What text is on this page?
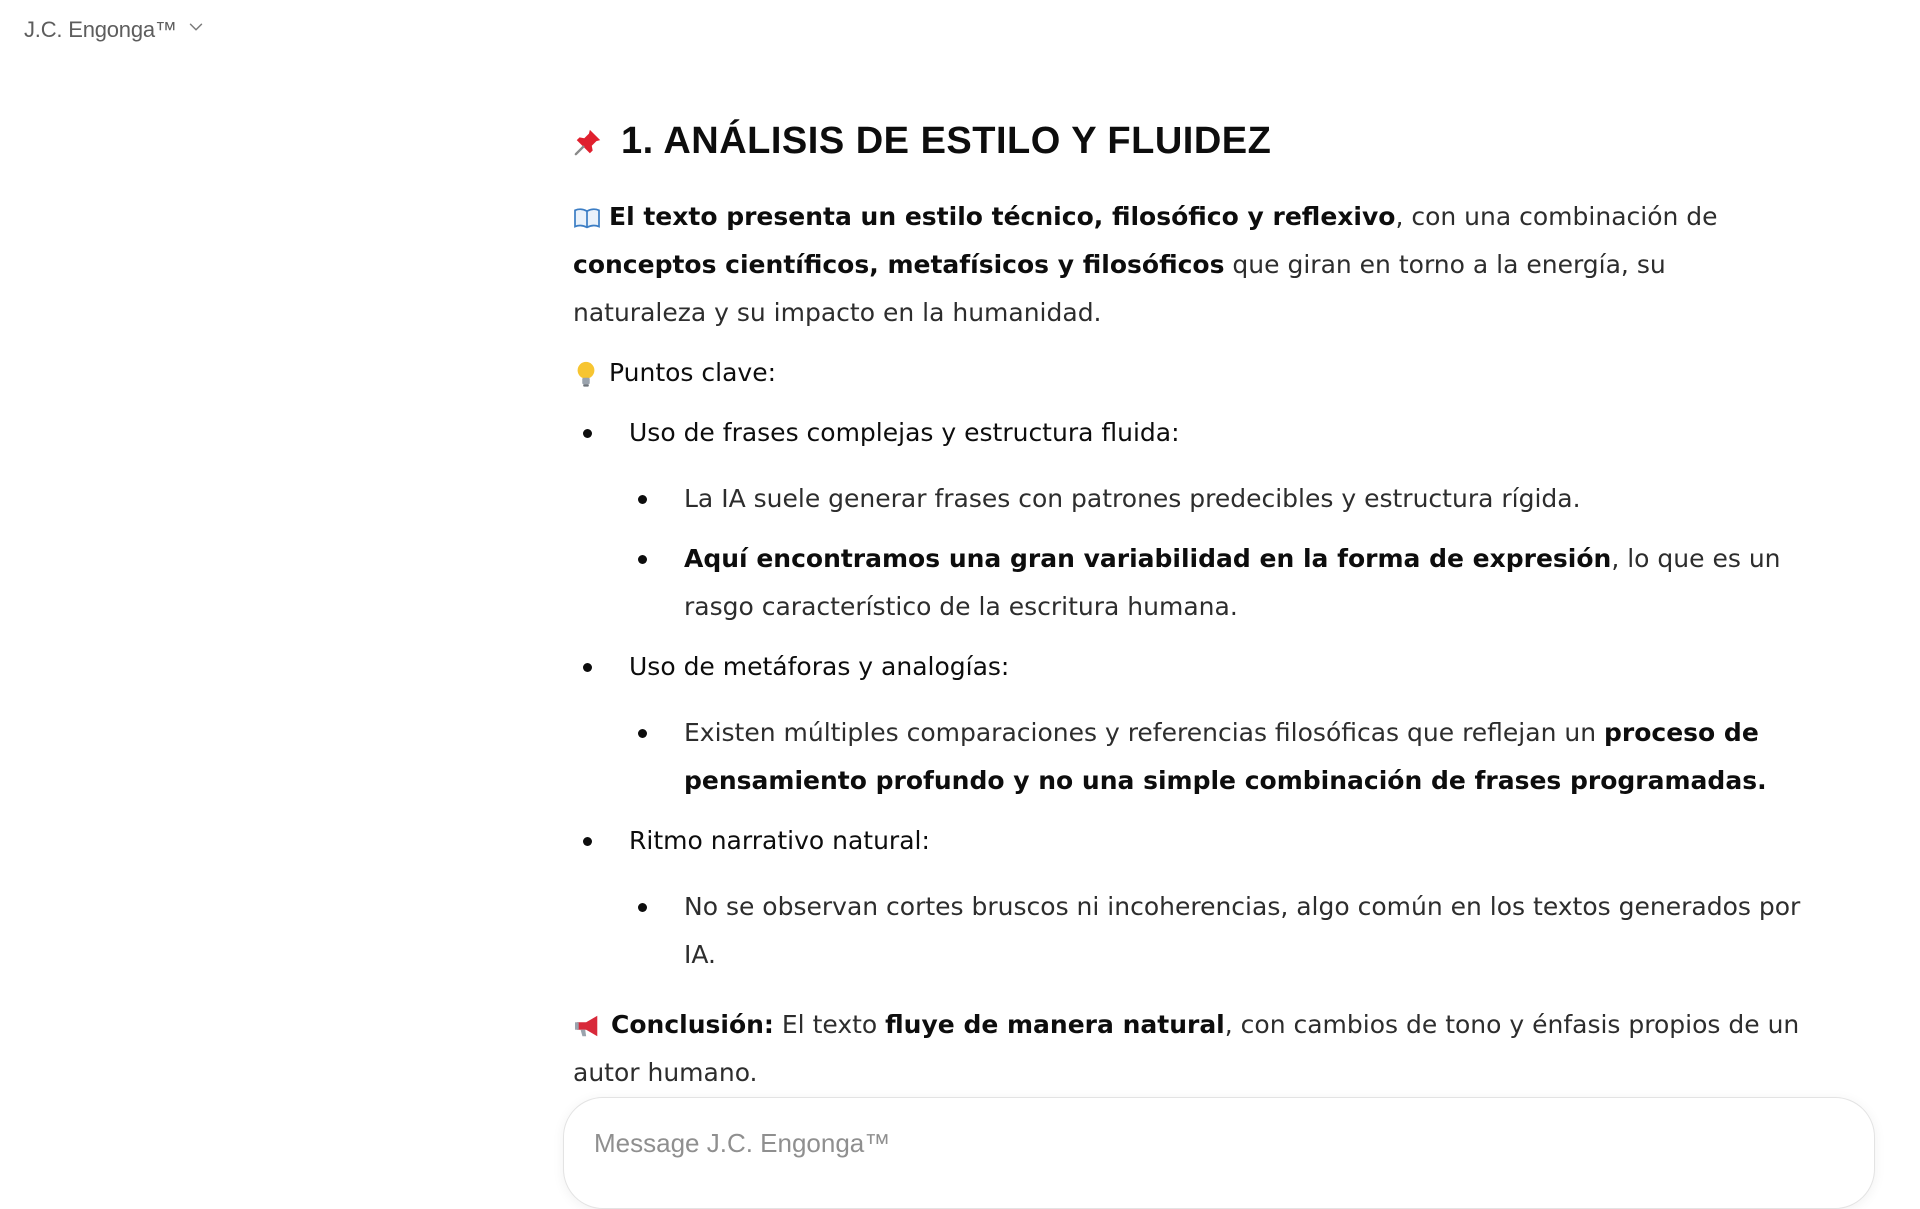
J.C. Engonga™
1. ANÁLISIS DE ESTILO Y FLUIDEZ

El texto presenta un estilo técnico, filosófico y reflexivo, con una combinación de conceptos científicos, metafísicos y filosóficos que giran en torno a la energía, su naturaleza y su impacto en la humanidad.

Puntos clave:

Uso de frases complejas y estructura fluida:

La IA suele generar frases con patrones predecibles y estructura rígida.

Aquí encontramos una gran variabilidad en la forma de expresión, lo que es un rasgo característico de la escritura humana.

Uso de metáforas y analogías:

Existen múltiples comparaciones y referencias filosóficas que reflejan un proceso de pensamiento profundo y no una simple combinación de frases programadas.

Ritmo narrativo natural:

No se observan cortes bruscos ni incoherencias, algo común en los textos generados por IA.

Conclusión: El texto fluye de manera natural, con cambios de tono y énfasis propios de un autor humano.

Message J.C. Engonga™
